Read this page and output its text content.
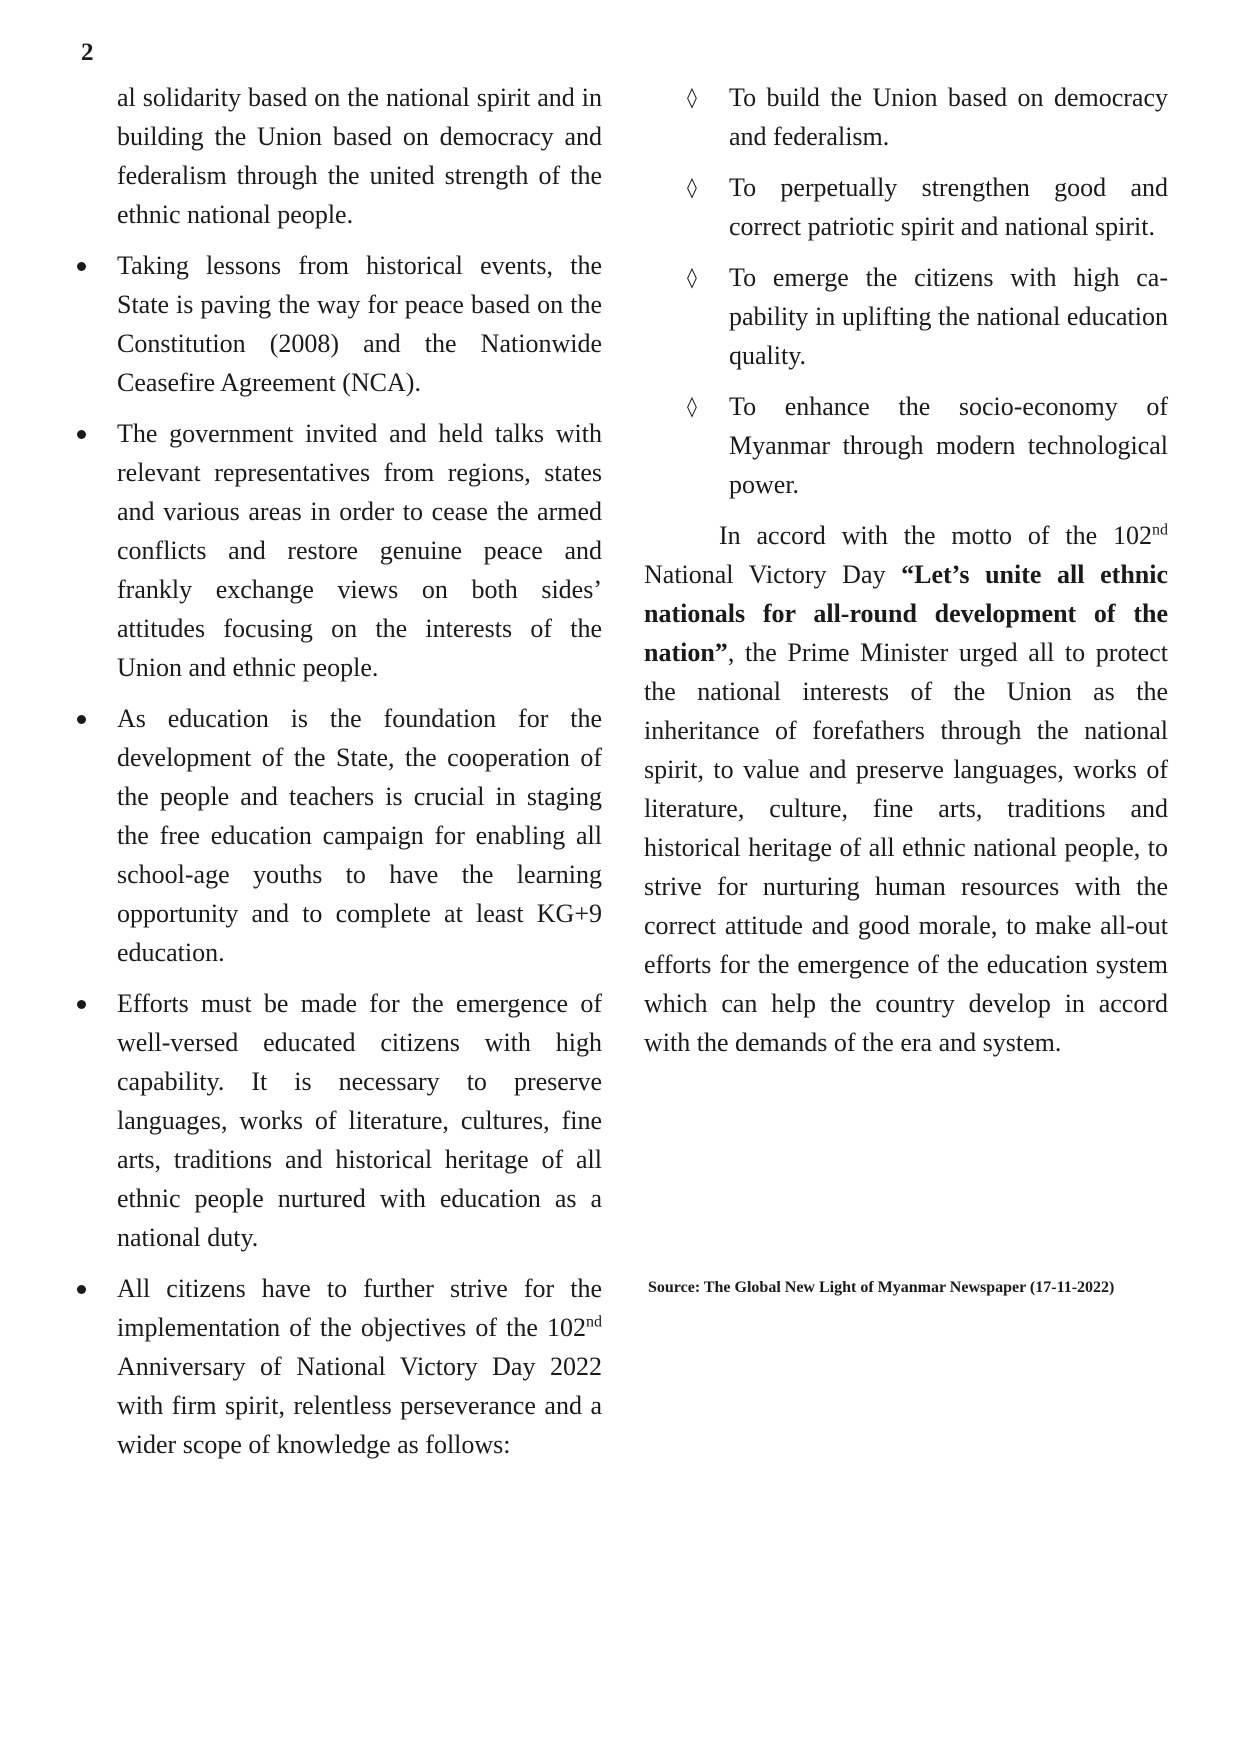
2

al solidarity based on the national spirit and in building the Union based on democracy and federalism through the united strength of the ethnic national people.

Taking lessons from historical events, the State is paving the way for peace based on the Constitution (2008) and the Nationwide Ceasefire Agreement (NCA).
The government invited and held talks with relevant representatives from regions, states and various areas in order to cease the armed conflicts and restore genuine peace and frankly exchange views on both sides’ attitudes focusing on the interests of the Union and ethnic people.
As education is the foundation for the development of the State, the cooperation of the people and teachers is crucial in staging the free education campaign for enabling all school-age youths to have the learning opportunity and to complete at least KG+9 education.
Efforts must be made for the emergence of well-versed educated citizens with high capability. It is necessary to preserve languages, works of literature, cultures, fine arts, traditions and historical heritage of all ethnic people nurtured with education as a national duty.
All citizens have to further strive for the implementation of the objectives of the 102nd Anniversary of National Victory Day 2022 with firm spirit, relentless perseverance and a wider scope of knowledge as follows:
◊ To build the Union based on democracy and federalism.
◊ To perpetually strengthen good and correct patriotic spirit and national spirit.
◊ To emerge the citizens with high capability in uplifting the national education quality.
◊ To enhance the socio-economy of Myanmar through modern technological power.

In accord with the motto of the 102nd National Victory Day “Let’s unite all ethnic nationals for all-round development of the nation”, the Prime Minister urged all to protect the national interests of the Union as the inheritance of forefathers through the national spirit, to value and preserve languages, works of literature, culture, fine arts, traditions and historical heritage of all ethnic national people, to strive for nurturing human resources with the correct attitude and good morale, to make all-out efforts for the emergence of the education system which can help the country develop in accord with the demands of the era and system.

Source: The Global New Light of Myanmar Newspaper (17-11-2022)
